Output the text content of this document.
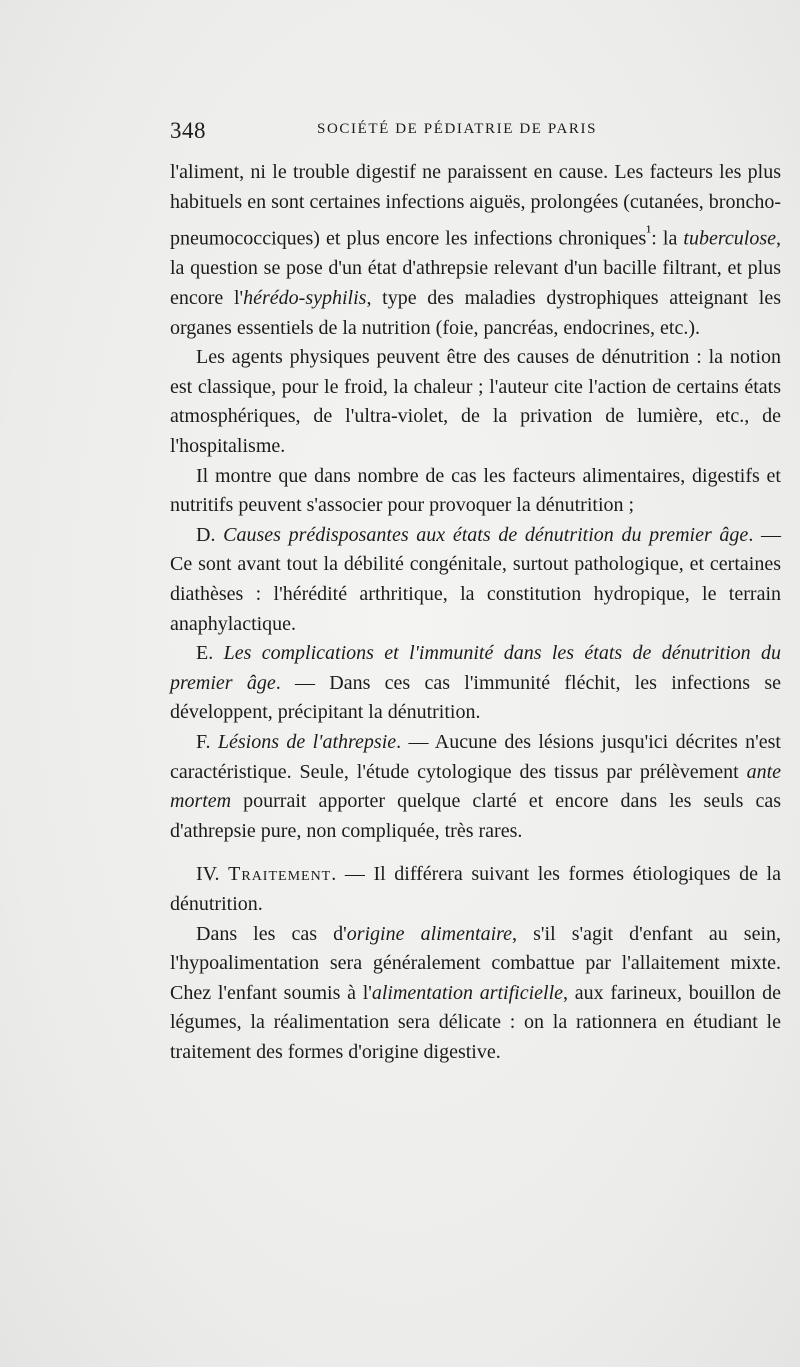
348	SOCIÉTÉ DE PÉDIATRIE DE PARIS

l'aliment, ni le trouble digestif ne paraissent en cause. Les facteurs les plus habituels en sont certaines infections aiguës, prolongées (cutanées, broncho-pneumococciques) et plus encore les infections chroniques$^{^1}$: la tuberculose, la question se pose d'un état d'athrepsie relevant d'un bacille filtrant, et plus encore l'hérédo-syphilis, type des maladies dystrophiques atteignant les organes essentiels de la nutrition (foie, pancréas, endocrines, etc.).

Les agents physiques peuvent être des causes de dénutrition : la notion est classique, pour le froid, la chaleur ; l'auteur cite l'action de certains états atmosphériques, de l'ultra-violet, de la privation de lumière, etc., de l'hospitalisme.

Il montre que dans nombre de cas les facteurs alimentaires, digestifs et nutritifs peuvent s'associer pour provoquer la dénutrition ;

D. Causes prédisposantes aux états de dénutrition du premier âge. — Ce sont avant tout la débilité congénitale, surtout pathologique, et certaines diathèses : l'hérédité arthritique, la constitution hydropique, le terrain anaphylactique.

E. Les complications et l'immunité dans les états de dénutrition du premier âge. — Dans ces cas l'immunité fléchit, les infections se développent, précipitant la dénutrition.

F. Lésions de l'athrepsie. — Aucune des lésions jusqu'ici décrites n'est caractéristique. Seule, l'étude cytologique des tissus par prélèvement ante mortem pourrait apporter quelque clarté et encore dans les seuls cas d'athrepsie pure, non compliquée, très rares.

IV. Traitement. — Il différera suivant les formes étiologiques de la dénutrition.

Dans les cas d'origine alimentaire, s'il s'agit d'enfant au sein, l'hypoalimentation sera généralement combattue par l'allaitement mixte. Chez l'enfant soumis à l'alimentation artificielle, aux farineux, bouillon de légumes, la réalimentation sera délicate : on la rationnera en étudiant le traitement des formes d'origine digestive.
